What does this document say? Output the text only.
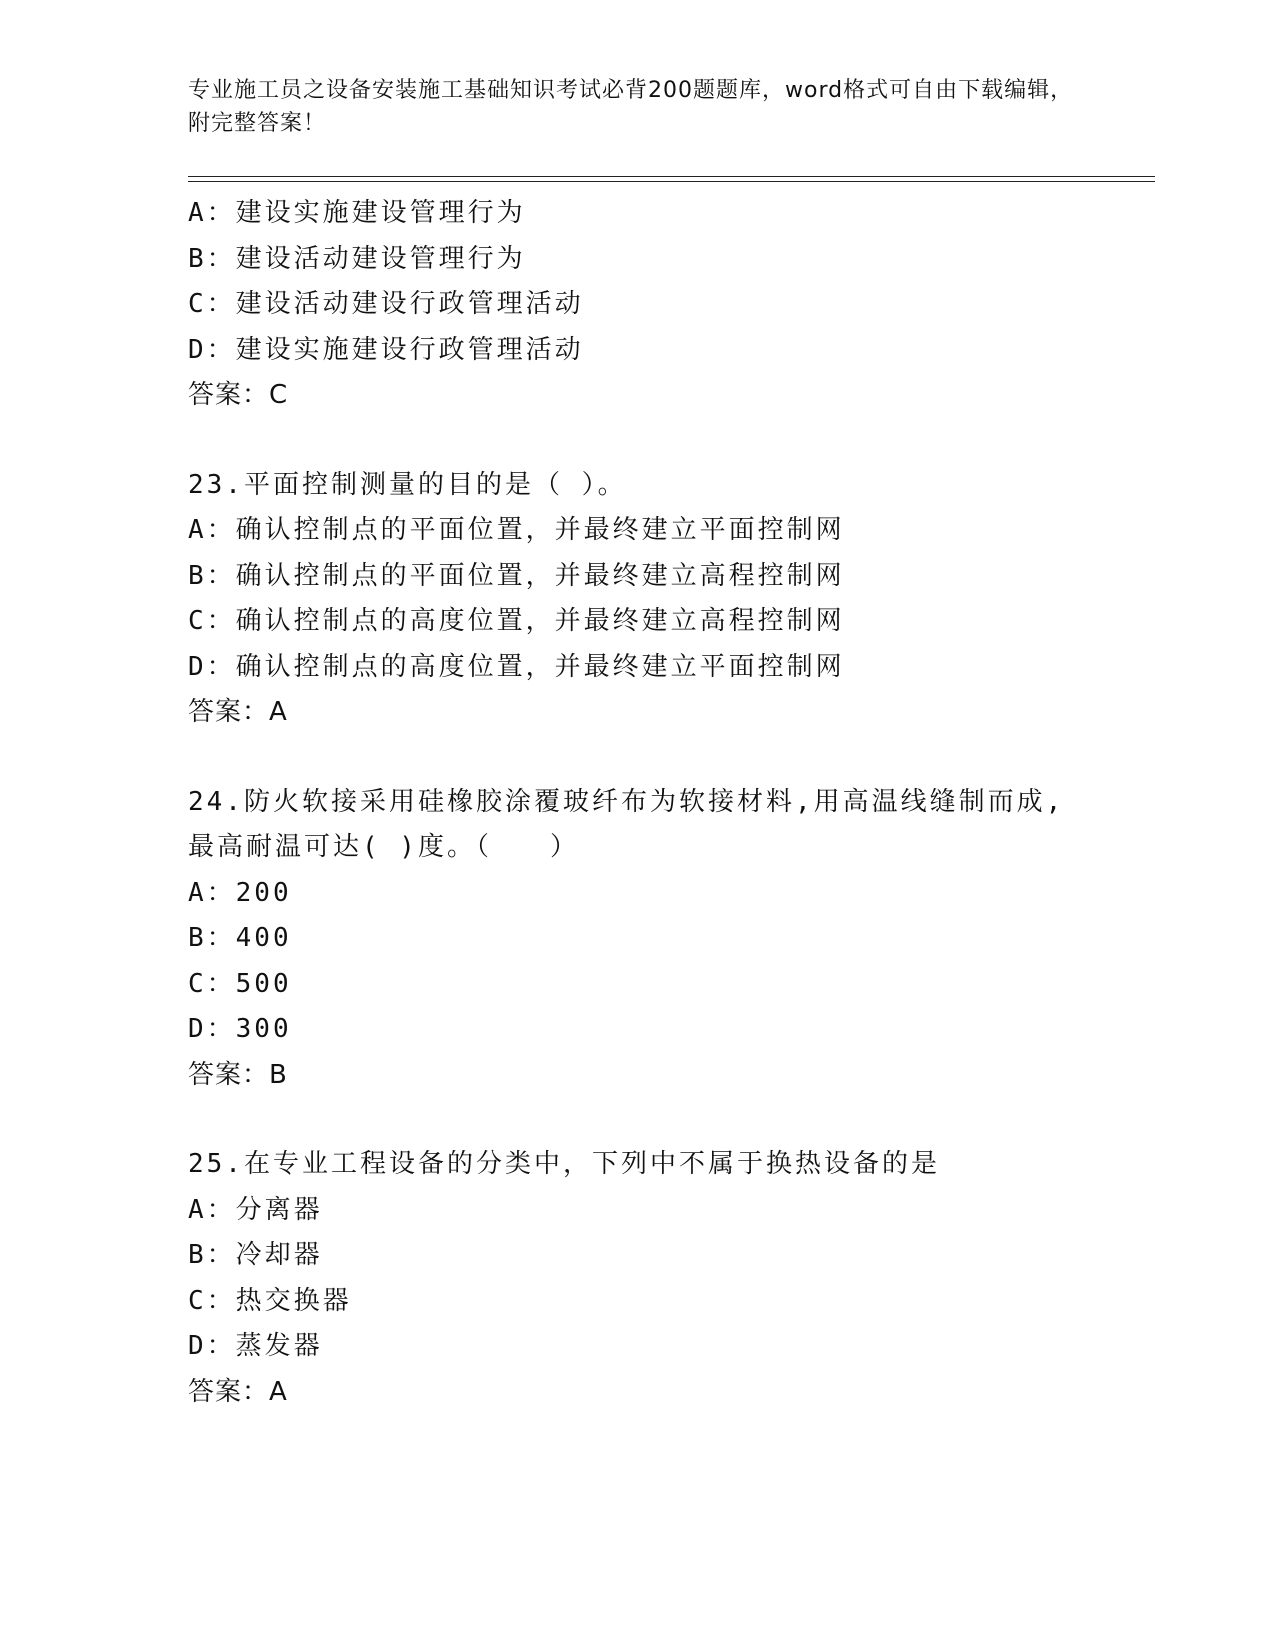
专业施工员之设备安装施工基础知识考试必背200题题库，word格式可自由下载编辑，附完整答案！
A：建设实施建设管理行为
B：建设活动建设管理行为
C：建设活动建设行政管理活动
D：建设实施建设行政管理活动
答案：C
23.平面控制测量的目的是（ ）。
A：确认控制点的平面位置，并最终建立平面控制网
B：确认控制点的平面位置，并最终建立高程控制网
C：确认控制点的高度位置，并最终建立高程控制网
D：确认控制点的高度位置，并最终建立平面控制网
答案：A
24.防火软接采用硅橡胶涂覆玻纤布为软接材料,用高温线缝制而成,最高耐温可达( )度。（　　）
A：200
B：400
C：500
D：300
答案：B
25.在专业工程设备的分类中，下列中不属于换热设备的是
A：分离器
B：冷却器
C：热交换器
D：蒸发器
答案：A
